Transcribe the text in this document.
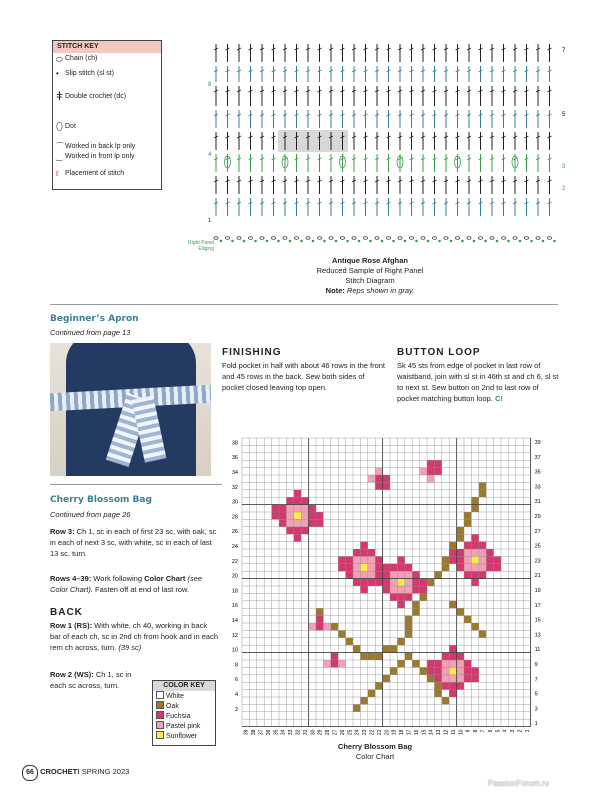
STITCH KEY
⬭ Chain (ch)
• Slip stitch (sl st)
ǂ Double crochet (dc)
⬯ Dot
⌒ Worked in back lp only
‿ Worked in front lp only
ℓ Placement of stitch
8
4
1
7
5
3
2
Right Panel
Edging
Antique Rose Afghan
Reduced Sample of Right Panel
Stitch Diagram
Note: Reps shown in gray.
Beginner’s Apron
Continued from page 13
FINISHING
Fold pocket in half with about 46 rows in the front and 45 rows in the back. Sew both sides of pocket closed leaving top open.
BUTTON LOOP
Sk 45 sts from edge of pocket in last row of waistband, join with sl st in 46th st and ch 6, sl st to next st. Sew button on 2nd to last row of pocket matching button loop. C!
Cherry Blossom Bag
Continued from page 26
Row 3: Ch 1, sc in each of first 23 sc, with oak, sc in each of next 3 sc, with white, sc in each of last 13 sc, turn.
Rows 4–39: Work following Color Chart (see Color Chart). Fasten off at end of last row.
BACK
Row 1 (RS): With white, ch 40, working in back bar of each ch, sc in 2nd ch from hook and in each rem ch across, turn. (39 sc)
Row 2 (WS): Ch 1, sc in each sc across, turn.	COLOR KEY
White
Oak
Fuchsia
Pastel pink
Sunflower
38
36
34
32
30
28
26
24
22
20
18
16
14
12
10
8
6
4
2
39
37
35
33
31
29
27
25
23
21
19
17
15
13
11
9
7
5
3
1
39 38 37 36 35 34 33 32 31 30 29 28 27 26 25 24 23 22 21 20 19 18 17 16 15 14 13 12 11 10 9 8 7 6 5 4 3 2 1
Cherry Blossom Bag
Color Chart
66 CROCHET! SPRING 2023
PassionForum.ru
